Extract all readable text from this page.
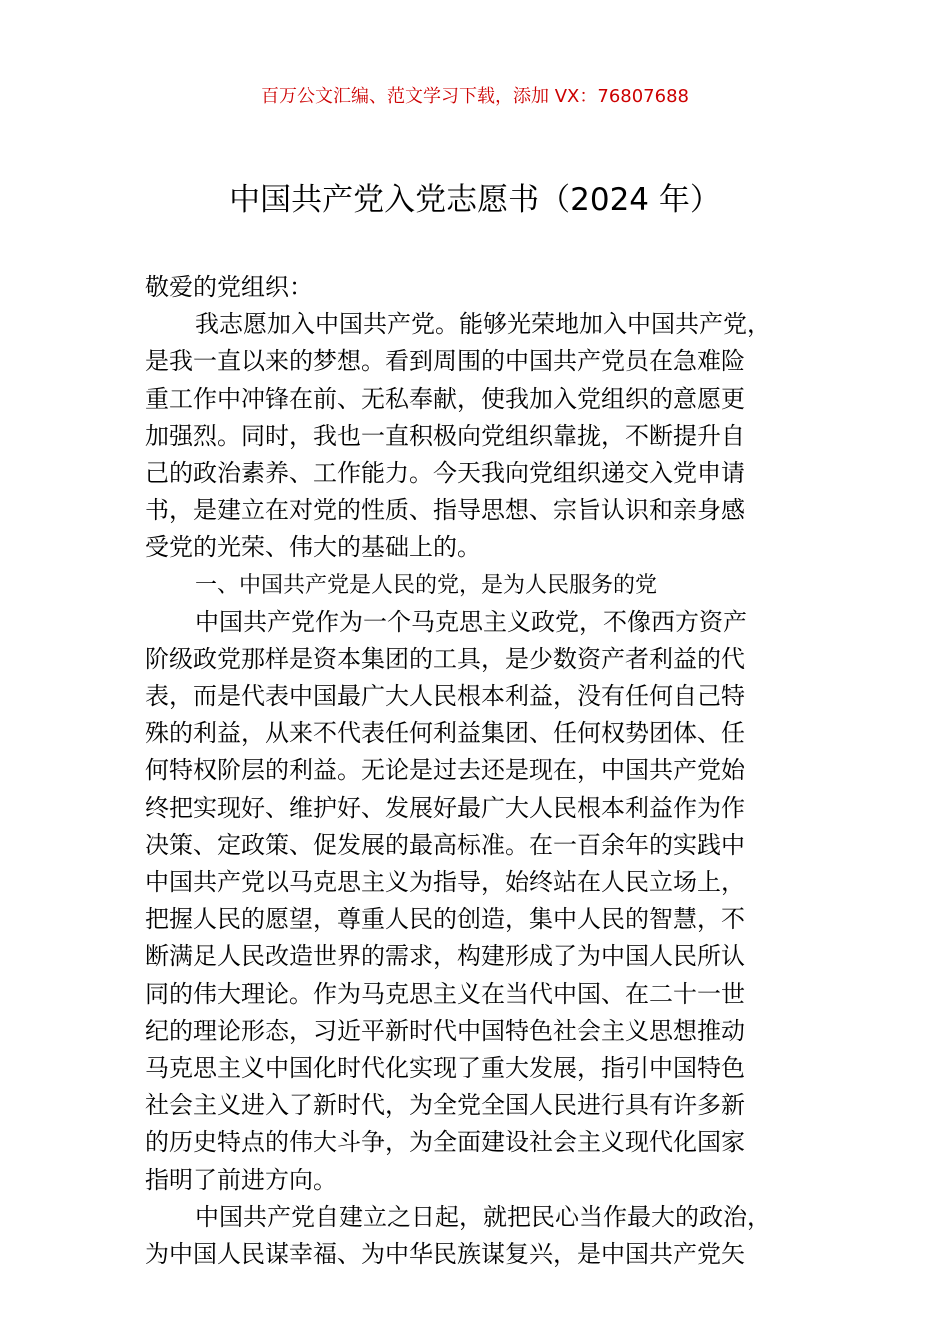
百万公文汇编、范文学习下载，添加 VX：76807688
中国共产党入党志愿书（2024 年）
敬爱的党组织：
我志愿加入中国共产党。能够光荣地加入中国共产党，
是我一直以来的梦想。看到周围的中国共产党员在急难险
重工作中冲锋在前、无私奉献，使我加入党组织的意愿更
加强烈。同时，我也一直积极向党组织靠拢，不断提升自
己的政治素养、工作能力。今天我向党组织递交入党申请
书，是建立在对党的性质、指导思想、宗旨认识和亲身感
受党的光荣、伟大的基础上的。
一、中国共产党是人民的党，是为人民服务的党
中国共产党作为一个马克思主义政党，不像西方资产
阶级政党那样是资本集团的工具，是少数资产者利益的代
表，而是代表中国最广大人民根本利益，没有任何自己特
殊的利益，从来不代表任何利益集团、任何权势团体、任
何特权阶层的利益。无论是过去还是现在，中国共产党始
终把实现好、维护好、发展好最广大人民根本利益作为作
决策、定政策、促发展的最高标准。在一百余年的实践中
中国共产党以马克思主义为指导，始终站在人民立场上，
把握人民的愿望，尊重人民的创造，集中人民的智慧，不
断满足人民改造世界的需求，构建形成了为中国人民所认
同的伟大理论。作为马克思主义在当代中国、在二十一世
纪的理论形态，习近平新时代中国特色社会主义思想推动
马克思主义中国化时代化实现了重大发展，指引中国特色
社会主义进入了新时代，为全党全国人民进行具有许多新
的历史特点的伟大斗争，为全面建设社会主义现代化国家
指明了前进方向。
中国共产党自建立之日起，就把民心当作最大的政治，
为中国人民谋幸福、为中华民族谋复兴，是中国共产党矢
